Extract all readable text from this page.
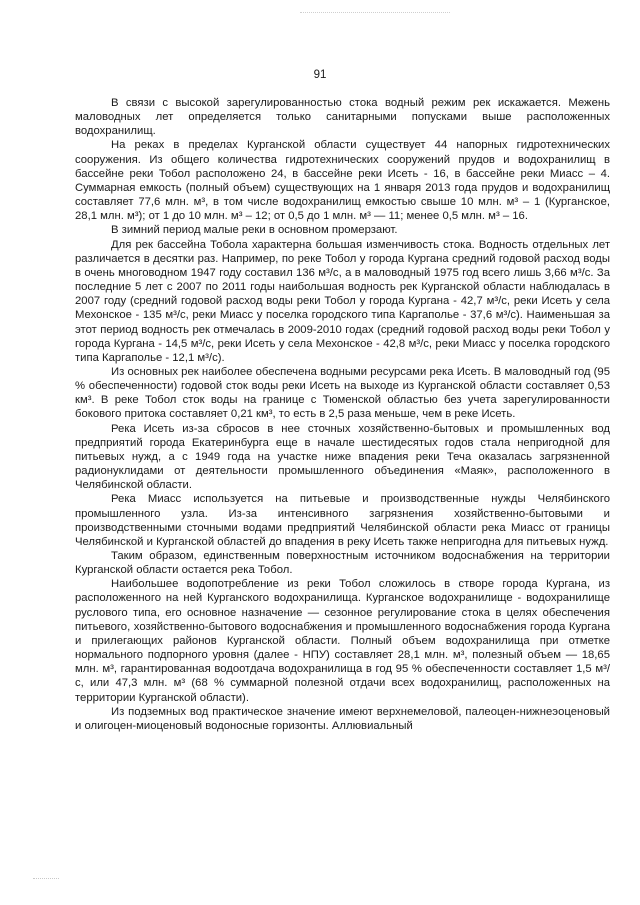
91

В связи с высокой зарегулированностью стока водный режим рек искажается. Межень маловодных лет определяется только санитарными попусками выше расположенных водохранилищ.

На реках в пределах Курганской области существует 44 напорных гидротехнических сооружения. Из общего количества гидротехнических сооружений прудов и водохранилищ в бассейне реки Тобол расположено 24, в бассейне реки Исеть - 16, в бассейне реки Миасс – 4. Суммарная емкость (полный объем) существующих на 1 января 2013 года прудов и водохранилищ составляет 77,6 млн. м³, в том числе водохранилищ емкостью свыше 10 млн. м³ – 1 (Курганское, 28,1 млн. м³); от 1 до 10 млн. м³ – 12; от 0,5 до 1 млн. м³ — 11; менее 0,5 млн. м³ – 16.

В зимний период малые реки в основном промерзают.

Для рек бассейна Тобола характерна большая изменчивость стока. Водность отдельных лет различается в десятки раз. Например, по реке Тобол у города Кургана средний годовой расход воды в очень многоводном 1947 году составил 136 м³/с, а в маловодный 1975 год всего лишь 3,66 м³/с. За последние 5 лет с 2007 по 2011 годы наибольшая водность рек Курганской области наблюдалась в 2007 году (средний годовой расход воды реки Тобол у города Кургана - 42,7 м³/с, реки Исеть у села Мехонское - 135 м³/с, реки Миасс у поселка городского типа Каргаполье - 37,6 м³/с). Наименьшая за этот период водность рек отмечалась в 2009-2010 годах (средний годовой расход воды реки Тобол у города Кургана - 14,5 м³/с, реки Исеть у села Мехонское - 42,8 м³/с, реки Миасс у поселка городского типа Каргаполье - 12,1 м³/с).

Из основных рек наиболее обеспечена водными ресурсами река Исеть. В маловодный год (95 % обеспеченности) годовой сток воды реки Исеть на выходе из Курганской области составляет 0,53 км³. В реке Тобол сток воды на границе с Тюменской областью без учета зарегулированности бокового притока составляет 0,21 км³, то есть в 2,5 раза меньше, чем в реке Исеть.

Река Исеть из-за сбросов в нее сточных хозяйственно-бытовых и промышленных вод предприятий города Екатеринбурга еще в начале шестидесятых годов стала непригодной для питьевых нужд, а с 1949 года на участке ниже впадения реки Теча оказалась загрязненной радионуклидами от деятельности промышленного объединения «Маяк», расположенного в Челябинской области.

Река Миасс используется на питьевые и производственные нужды Челябинского промышленного узла. Из-за интенсивного загрязнения хозяйственно-бытовыми и производственными сточными водами предприятий Челябинской области река Миасс от границы Челябинской и Курганской областей до впадения в реку Исеть также непригодна для питьевых нужд.

Таким образом, единственным поверхностным источником водоснабжения на территории Курганской области остается река Тобол.

Наибольшее водопотребление из реки Тобол сложилось в створе города Кургана, из расположенного на ней Курганского водохранилища. Курганское водохранилище - водохранилище руслового типа, его основное назначение — сезонное регулирование стока в целях обеспечения питьевого, хозяйственно-бытового водоснабжения и промышленного водоснабжения города Кургана и прилегающих районов Курганской области. Полный объем водохранилища при отметке нормального подпорного уровня (далее - НПУ) составляет 28,1 млн. м³, полезный объем — 18,65 млн. м³, гарантированная водоотдача водохранилища в год 95 % обеспеченности составляет 1,5 м³/с, или 47,3 млн. м³ (68 % суммарной полезной отдачи всех водохранилищ, расположенных на территории Курганской области).

Из подземных вод практическое значение имеют верхнемеловой, палеоцен-нижнеэоценовый и олигоцен-миоценовый водоносные горизонты. Аллювиальный
